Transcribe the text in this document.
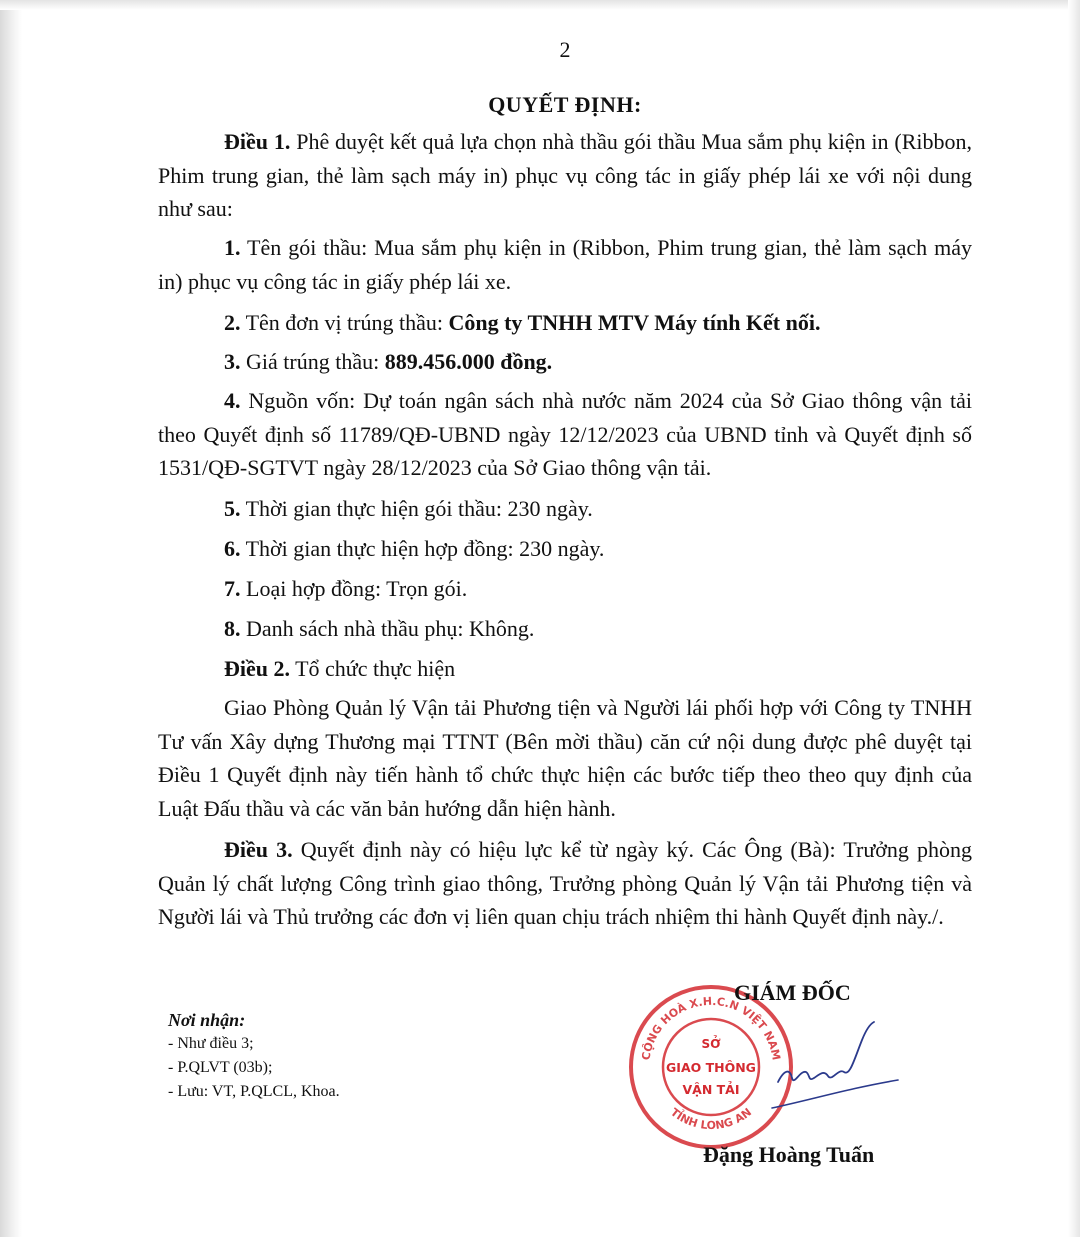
2
QUYẾT ĐỊNH:

Điều 1. Phê duyệt kết quả lựa chọn nhà thầu gói thầu Mua sắm phụ kiện in (Ribbon, Phim trung gian, thẻ làm sạch máy in) phục vụ công tác in giấy phép lái xe với nội dung như sau:

1. Tên gói thầu: Mua sắm phụ kiện in (Ribbon, Phim trung gian, thẻ làm sạch máy in) phục vụ công tác in giấy phép lái xe.

2. Tên đơn vị trúng thầu: Công ty TNHH MTV Máy tính Kết nối.

3. Giá trúng thầu: 889.456.000 đồng.

4. Nguồn vốn: Dự toán ngân sách nhà nước năm 2024 của Sở Giao thông vận tải theo Quyết định số 11789/QĐ-UBND ngày 12/12/2023 của UBND tỉnh và Quyết định số 1531/QĐ-SGTVT ngày 28/12/2023 của Sở Giao thông vận tải.

5. Thời gian thực hiện gói thầu: 230 ngày.

6. Thời gian thực hiện hợp đồng: 230 ngày.

7. Loại hợp đồng: Trọn gói.

8. Danh sách nhà thầu phụ: Không.

Điều 2. Tổ chức thực hiện

Giao Phòng Quản lý Vận tải Phương tiện và Người lái phối hợp với Công ty TNHH Tư vấn Xây dựng Thương mại TTNT (Bên mời thầu) căn cứ nội dung được phê duyệt tại Điều 1 Quyết định này tiến hành tổ chức thực hiện các bước tiếp theo theo quy định của Luật Đấu thầu và các văn bản hướng dẫn hiện hành.

Điều 3. Quyết định này có hiệu lực kể từ ngày ký. Các Ông (Bà): Trưởng phòng Quản lý chất lượng Công trình giao thông, Trưởng phòng Quản lý Vận tải Phương tiện và Người lái và Thủ trưởng các đơn vị liên quan chịu trách nhiệm thi hành Quyết định này./.

Nơi nhận:
- Như điều 3;
- P.QLVT (03b);
- Lưu: VT, P.QLCL, Khoa.
CỘNG HOÀ X.H.C.N VIỆT NAM
TỈNH LONG AN
SỞ
GIAO THÔNG
VẬN TẢI
GIÁM ĐỐC
Đặng Hoàng Tuấn
